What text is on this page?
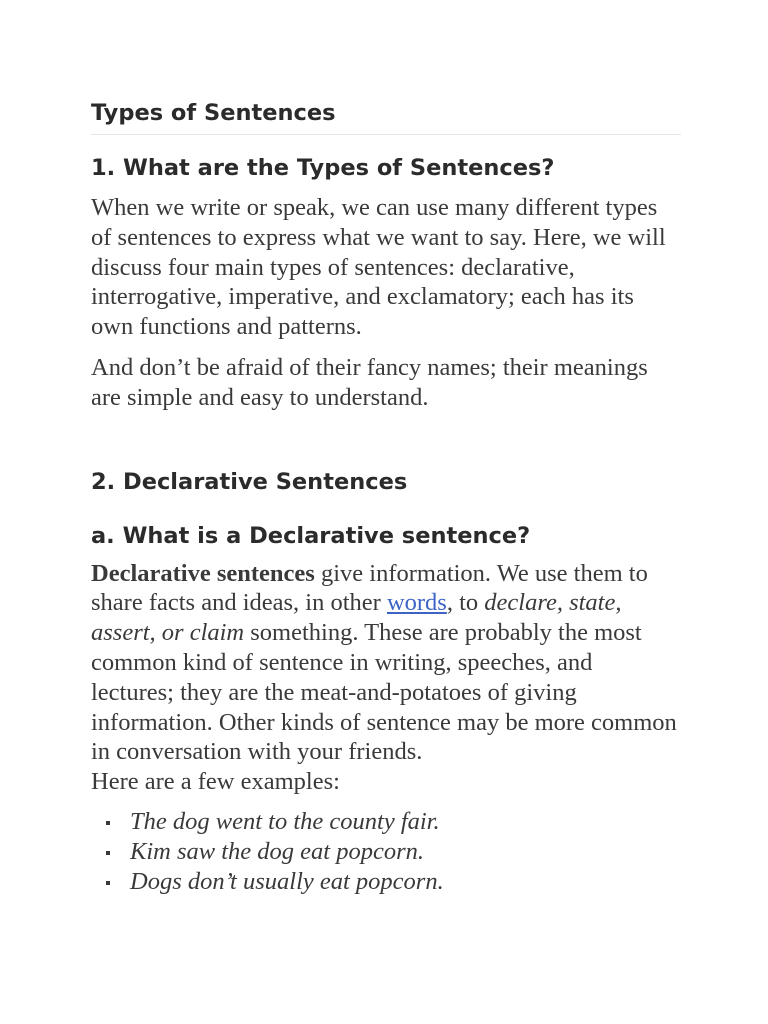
Types of Sentences
1. What are the Types of Sentences?

When we write or speak, we can use many different types of sentences to express what we want to say. Here, we will discuss four main types of sentences: declarative, interrogative, imperative, and exclamatory; each has its own functions and patterns.

And don’t be afraid of their fancy names; their meanings are simple and easy to understand.

2. Declarative Sentences
a. What is a Declarative sentence?

Declarative sentences give information. We use them to share facts and ideas, in other words, to declare, state, assert, or claim something. These are probably the most common kind of sentence in writing, speeches, and lectures; they are the meat-and-potatoes of giving information. Other kinds of sentence may be more common in conversation with your friends.

Here are a few examples:

The dog went to the county fair.
Kim saw the dog eat popcorn.
Dogs don’t usually eat popcorn.
